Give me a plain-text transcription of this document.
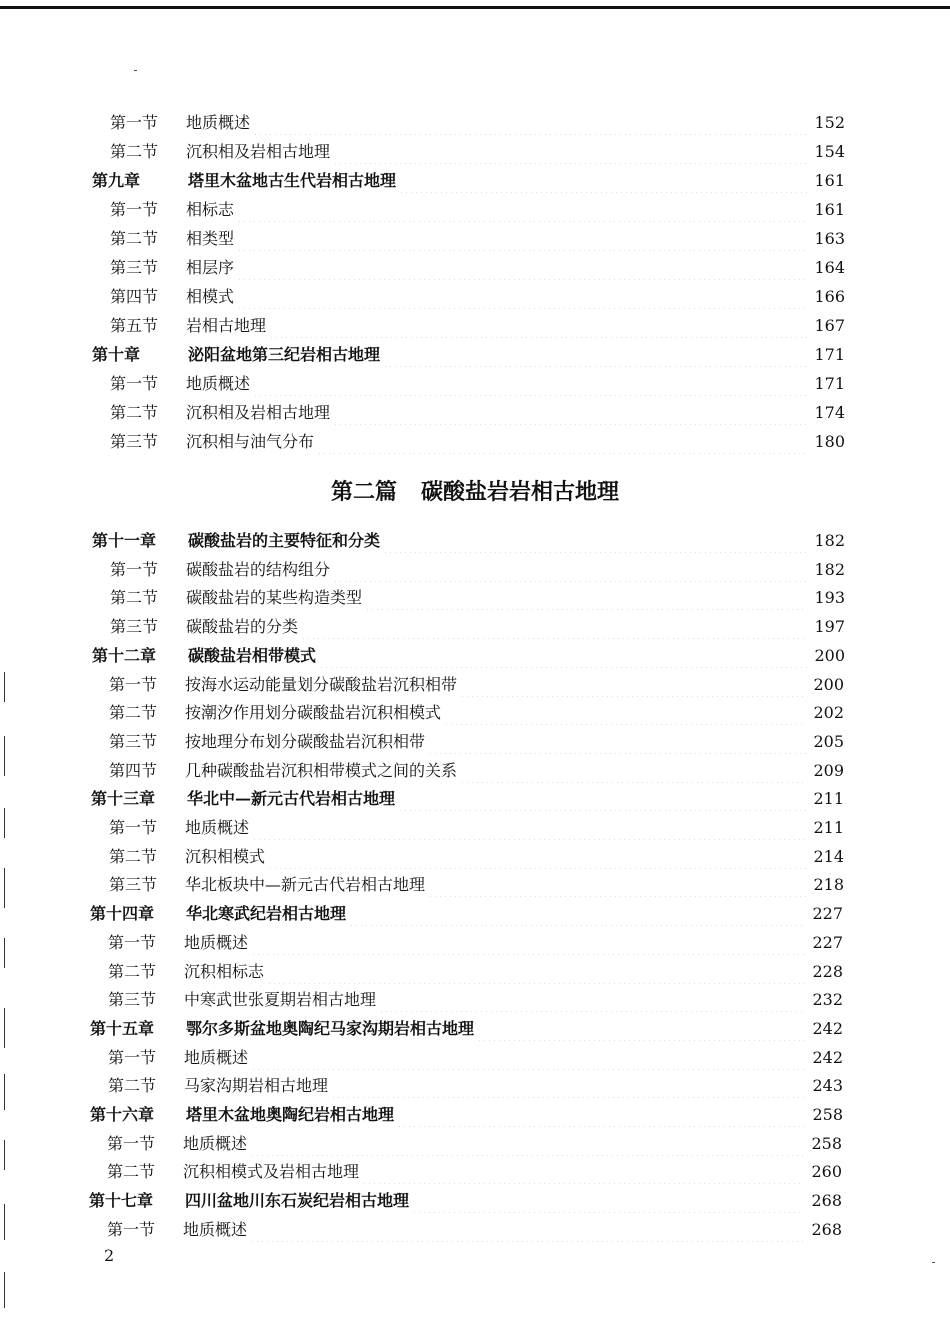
第一节 地质概述	152
第二节 沉积相及岩相古地理	154
第九章	塔里木盆地古生代岩相古地理	161
第一节 相标志	161
第二节 相类型	163
第三节 相层序	164
第四节 相模式	166
第五节 岩相古地理	167
第十章	泌阳盆地第三纪岩相古地理	171
第一节 地质概述	171
第二节 沉积相及岩相古地理	174
第三节 沉积相与油气分布	180
第十一章 碳酸盐岩的主要特征和分类	182
第一节 碳酸盐岩的结构组分	182
第二节 碳酸盐岩的某些构造类型	193
第三节 碳酸盐岩的分类	197
第十二章 碳酸盐岩相带模式	200
第一节 按海水运动能量划分碳酸盐岩沉积相带	200
第二节 按潮汐作用划分碳酸盐岩沉积相模式	202
第三节 按地理分布划分碳酸盐岩沉积相带	205
第四节 几种碳酸盐岩沉积相带模式之间的关系	209
第十三章 华北中—新元古代岩相古地理	211
第一节 地质概述	211
第二节 沉积相模式	214
第三节 华北板块中—新元古代岩相古地理	218
第十四章 华北寒武纪岩相古地理	227
第一节 地质概述	227
第二节 沉积相标志	228
第三节 中寒武世张夏期岩相古地理	232
第十五章 鄂尔多斯盆地奥陶纪马家沟期岩相古地理	242
第一节 地质概述	242
第二节 马家沟期岩相古地理	243
第十六章 塔里木盆地奥陶纪岩相古地理	258
第一节 地质概述	258
第二节 沉积相模式及岩相古地理	260
第十七章 四川盆地川东石炭纪岩相古地理	268
第一节 地质概述	268
第二篇 碳酸盐岩岩相古地理
2
